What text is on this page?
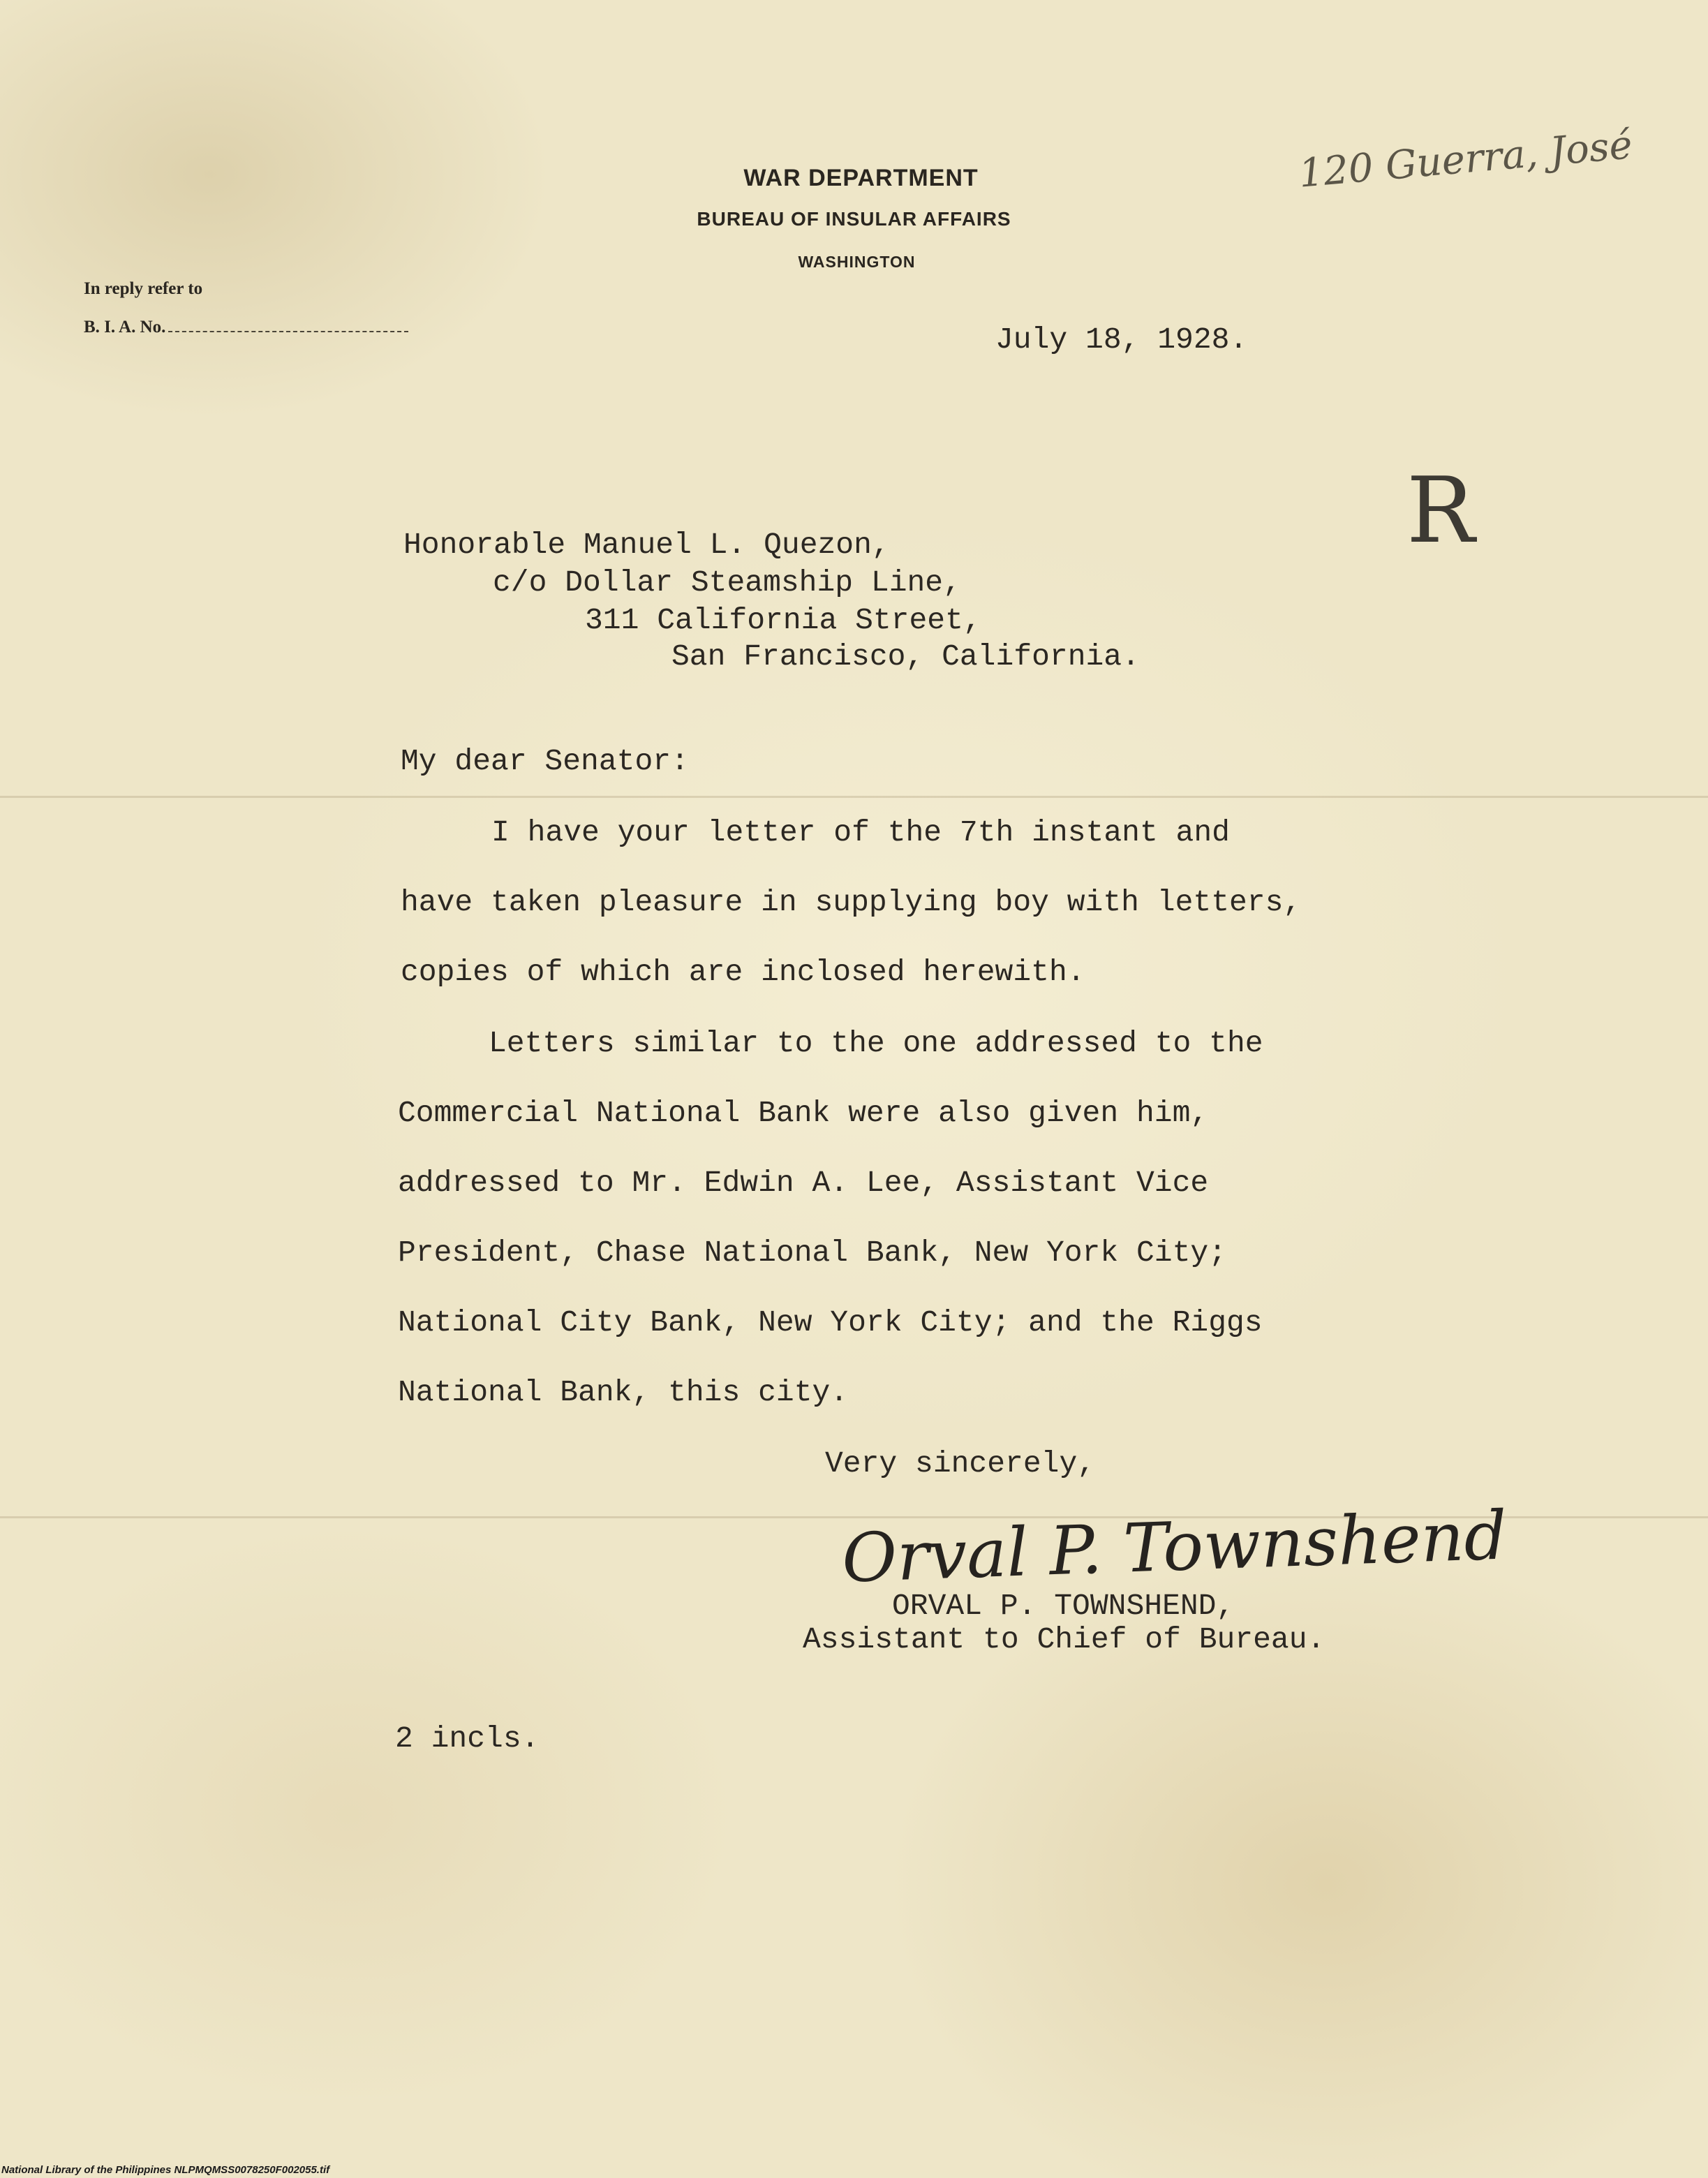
WAR DEPARTMENT
BUREAU OF INSULAR AFFAIRS
WASHINGTON
In reply refer to
B. I. A. No.
120 Guerra, José
R
July 18, 1928.
Honorable Manuel L. Quezon,
c/o Dollar Steamship Line,
311 California Street,
San Francisco, California.
My dear Senator:
I have your letter of the 7th instant and
have taken pleasure in supplying boy with letters,
copies of which are inclosed herewith.
Letters similar to the one addressed to the
Commercial National Bank were also given him,
addressed to Mr. Edwin A. Lee, Assistant Vice
President, Chase National Bank, New York City;
National City Bank, New York City; and the Riggs
National Bank, this city.
Very sincerely,
Orval P. Townshend
ORVAL P. TOWNSHEND,
Assistant to Chief of Bureau.
2 incls.
National Library of the Philippines NLPMQMSS0078250F002055.tif
